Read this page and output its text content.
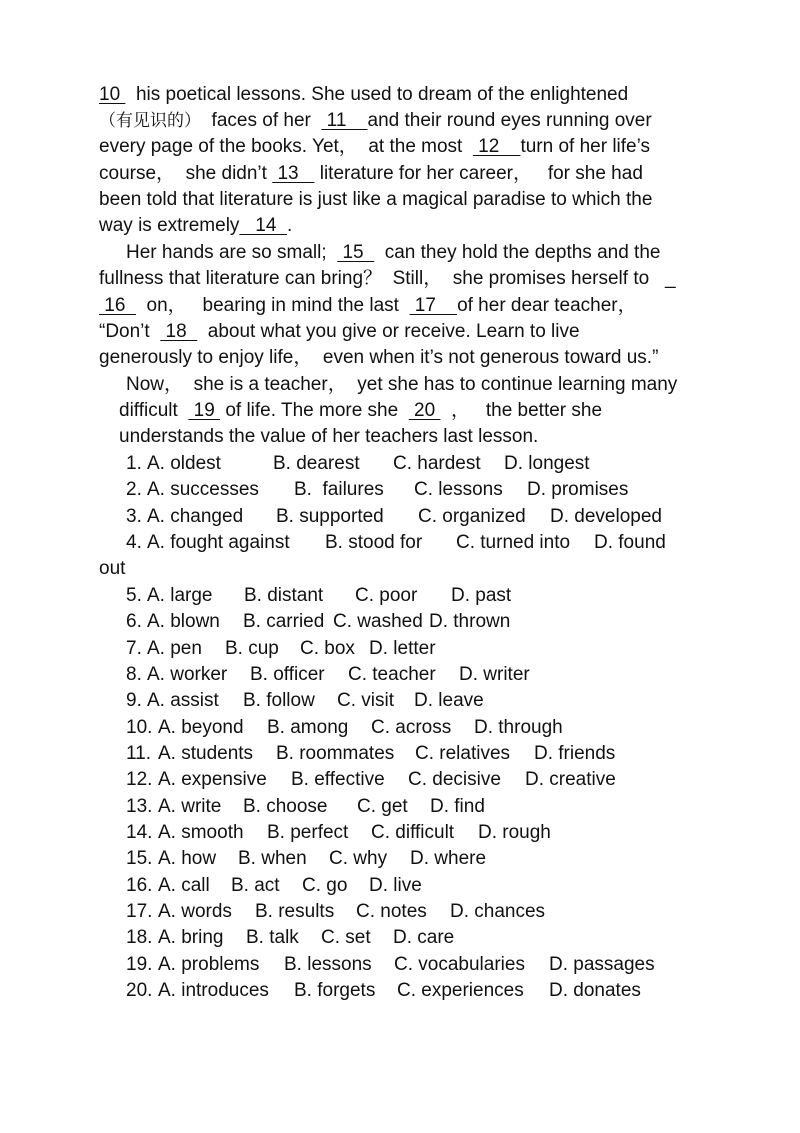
10   his poetical lessons. She used to dream of the enlightened
（有见识的）  faces of her   11    and their round eyes running over
every page of the books. Yet，  at the most   12    turn of her life’s
course，  she didn’t  13    literature for her career，   for she had
been told that literature is just like a magical paradise to which the
way is extremely   14  .
Her hands are so small;   15    can they hold the depths and the
fullness that literature can bring？  Still，  she promises herself to   _
16    on，   bearing in mind the last   17    of her dear teacher，
“Don’t   18    about what you give or receive. Learn to live
generously to enjoy life，  even when it’s not generous toward us.”
Now，  she is a teacher，  yet she has to continue learning many
difficult   19  of life. The more she   20   ，   the better she
understands the value of her teachers last lesson.
1. A. oldest	B. dearest C. hardest D. longest
2. A. successes B.  failures C. lessons D. promises
3. A. changed B. supported C. organized D. developed
4. A. fought against B. stood for C. turned into D. found
out
5. A. large B. distant C. poor D. past
6. A. blown B. carried C. washed D. thrown
7. A. pen B. cup C. box D. letter
8. A. worker B. officer C. teacher D. writer
9. A. assist B. follow C. visit D. leave
10. A. beyond B. among C. across D. through
11. A. students B. roommates C. relatives D. friends
12. A. expensive B. effective C. decisive D. creative
13. A. write B. choose C. get D. find
14. A. smooth B. perfect C. difficult D. rough
15. A. how B. when C. why D. where
16. A. call B. act C. go D. live
17. A. words B. results C. notes D. chances
18. A. bring B. talk C. set D. care
19. A. problems B. lessons C. vocabularies D. passages
20. A. introduces B. forgets C. experiences D. donates
